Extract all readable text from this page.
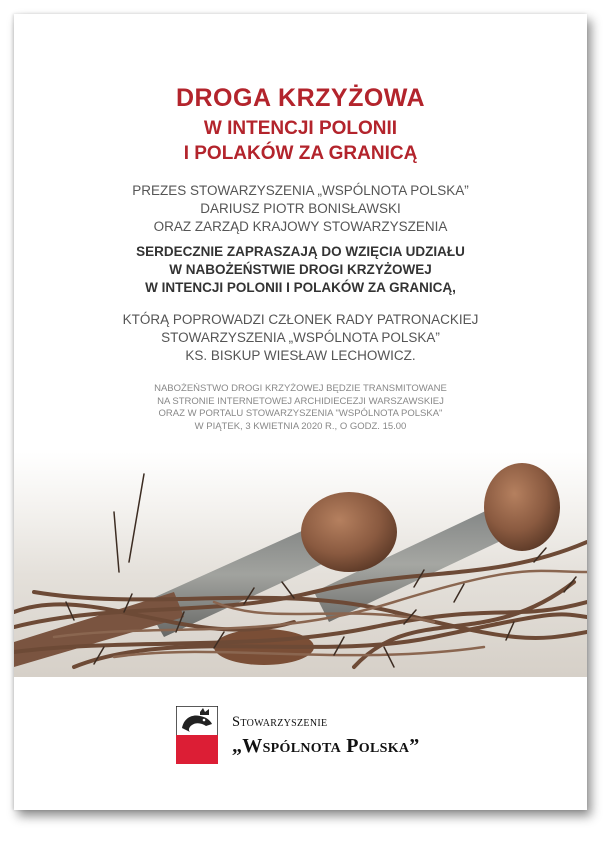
DROGA KRZYŻOWA
W INTENCJI POLONII
I POLAKÓW ZA GRANICĄ
PREZES STOWARZYSZENIA „WSPÓLNOTA POLSKA”
DARIUSZ PIOTR BONISŁAWSKI
ORAZ ZARZĄD KRAJOWY STOWARZYSZENIA
SERDECZNIE ZAPRASZAJĄ DO WZIĘCIA UDZIAŁU
W NABOŻEŃSTWIE DROGI KRZYŻOWEJ
W INTENCJI POLONII I POLAKÓW ZA GRANICĄ,
KTÓRĄ POPROWADZI CZŁONEK RADY PATRONACKIEJ
STOWARZYSZENIA „WSPÓLNOTA POLSKA”
KS. BISKUP WIESŁAW LECHOWICZ.
NABOŻEŃSTWO DROGI KRZYŻOWEJ BĘDZIE TRANSMITOWANE
NA STRONIE INTERNETOWEJ ARCHIDIECEZJI WARSZAWSKIEJ
ORAZ W PORTALU STOWARZYSZENIA "WSPÓLNOTA POLSKA"
W PIĄTEK, 3 KWIETNIA 2020 R., O GODZ. 15.00
Stowarzyszenie
„Wspólnota Polska”
